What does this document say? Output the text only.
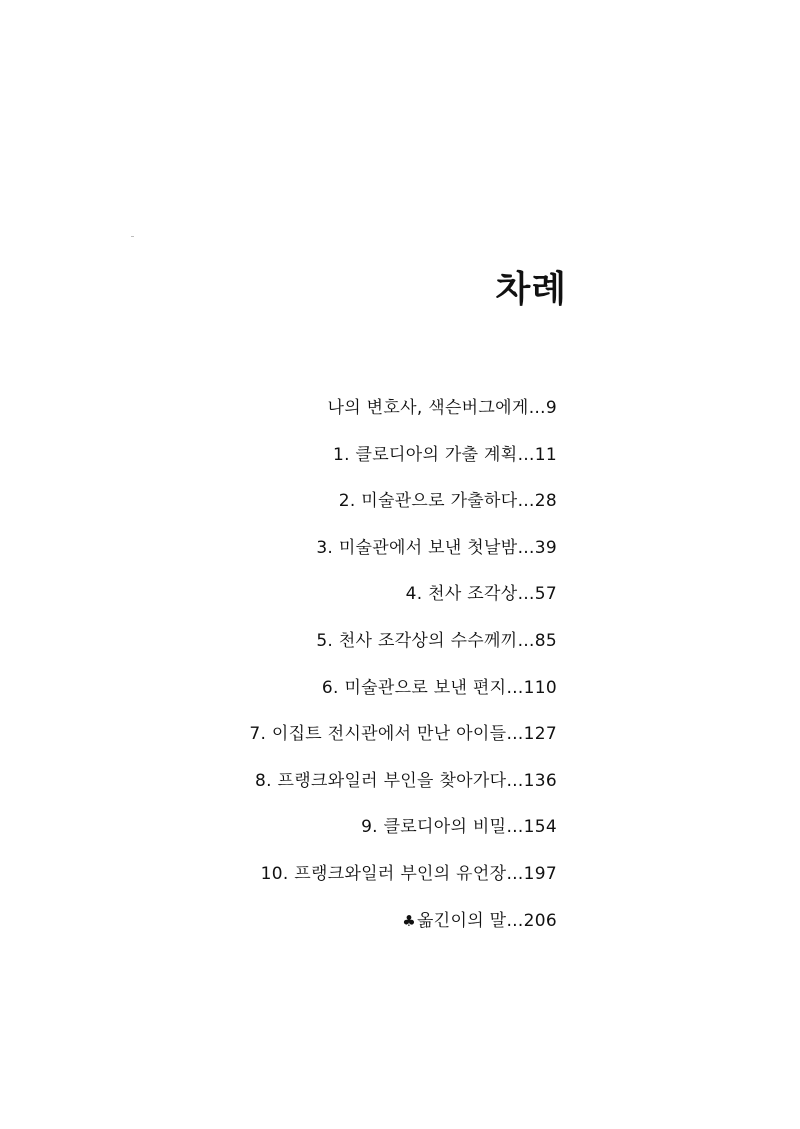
차례
나의 변호사, 색슨버그에게…9
1. 클로디아의 가출 계획…11
2. 미술관으로 가출하다…28
3. 미술관에서 보낸 첫날밤…39
4. 천사 조각상…57
5. 천사 조각상의 수수께끼…85
6. 미술관으로 보낸 편지…110
7. 이집트 전시관에서 만난 아이들…127
8. 프랭크와일러 부인을 찾아가다…136
9. 클로디아의 비밀…154
10. 프랭크와일러 부인의 유언장…197
♣옮긴이의 말…206
